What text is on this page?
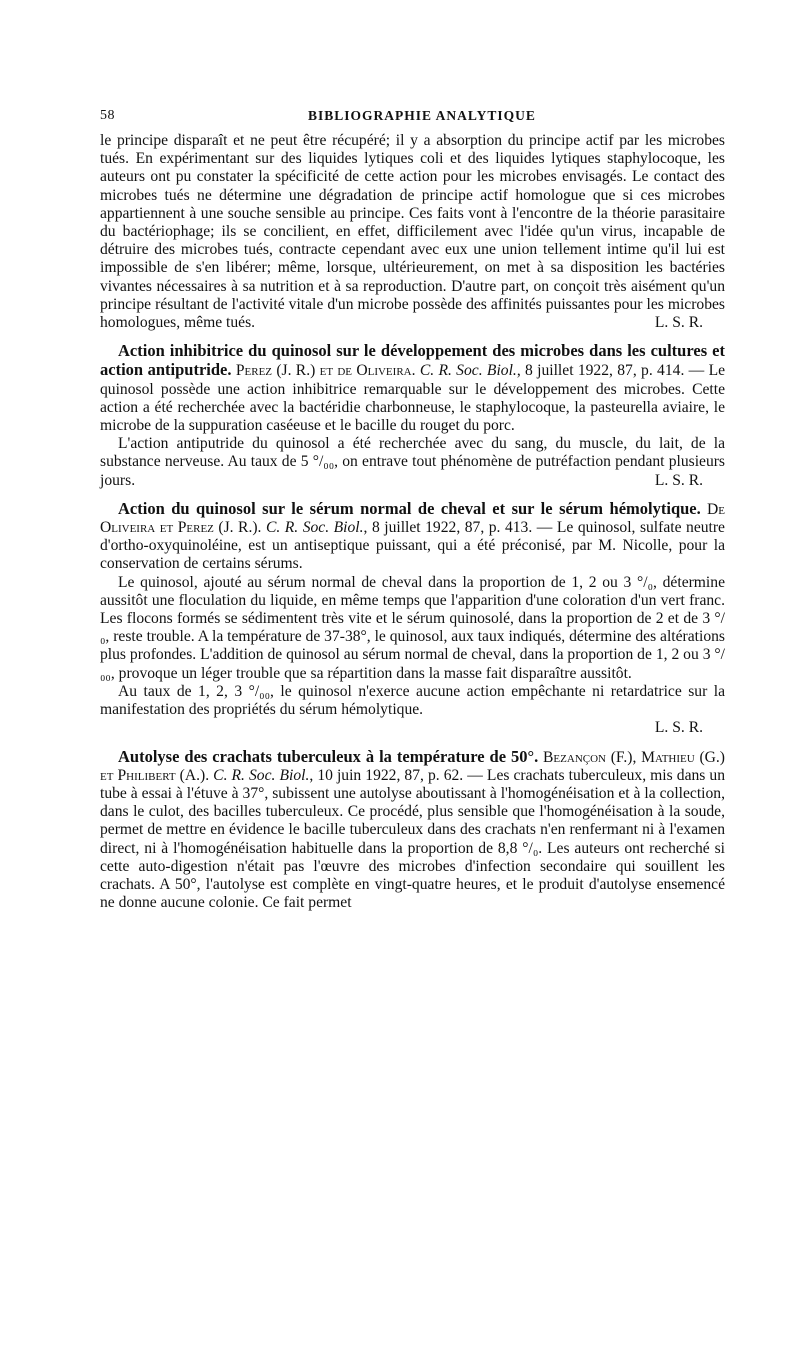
58	BIBLIOGRAPHIE ANALYTIQUE

le principe disparaît et ne peut être récupéré; il y a absorption du principe actif par les microbes tués. En expérimentant sur des liquides lytiques coli et des liquides lytiques staphylocoque, les auteurs ont pu constater la spécificité de cette action pour les microbes envisagés. Le contact des microbes tués ne détermine une dégradation de principe actif homologue que si ces microbes appartiennent à une souche sensible au principe. Ces faits vont à l'encontre de la théorie parasitaire du bactériophage; ils se concilient, en effet, difficilement avec l'idée qu'un virus, incapable de détruire des microbes tués, contracte cependant avec eux une union tellement intime qu'il lui est impossible de s'en libérer; même, lorsque, ultérieurement, on met à sa disposition les bactéries vivantes nécessaires à sa nutrition et à sa reproduction. D'autre part, on conçoit très aisément qu'un principe résultant de l'activité vitale d'un microbe possède des affinités puissantes pour les microbes homologues, même tués.	L. S. R.

Action inhibitrice du quinosol sur le développement des microbes dans les cultures et action antiputride. Perez (J. R.) et de Oliveira. C. R. Soc. Biol., 8 juillet 1922, 87, p. 414. — Le quinosol possède une action inhibitrice remarquable sur le développement des microbes. Cette action a été recherchée avec la bactéridie charbonneuse, le staphylocoque, la pasteurella aviaire, le microbe de la suppuration caséeuse et le bacille du rouget du porc.

L'action antiputride du quinosol a été recherchée avec du sang, du muscle, du lait, de la substance nerveuse. Au taux de 5 °/₀₀, on entrave tout phénomène de putréfaction pendant plusieurs jours.	L. S. R.

Action du quinosol sur le sérum normal de cheval et sur le sérum hémolytique. De Oliveira et Perez (J. R.). C. R. Soc. Biol., 8 juillet 1922, 87, p. 413. — Le quinosol, sulfate neutre d'ortho-oxyquinoléine, est un antiseptique puissant, qui a été préconisé, par M. Nicolle, pour la conservation de certains sérums.

Le quinosol, ajouté au sérum normal de cheval dans la proportion de 1, 2 ou 3 °/₀, détermine aussitôt une floculation du liquide, en même temps que l'apparition d'une coloration d'un vert franc. Les flocons formés se sédimentent très vite et le sérum quinosolé, dans la proportion de 2 et de 3 °/₀, reste trouble. A la température de 37-38°, le quinosol, aux taux indiqués, détermine des altérations plus profondes. L'addition de quinosol au sérum normal de cheval, dans la proportion de 1, 2 ou 3 °/₀₀, provoque un léger trouble que sa répartition dans la masse fait disparaître aussitôt.

Au taux de 1, 2, 3 °/₀₀, le quinosol n'exerce aucune action empêchante ni retardatrice sur la manifestation des propriétés du sérum hémolytique.

L. S. R.

Autolyse des crachats tuberculeux à la température de 50°. Bezançon (F.), Mathieu (G.) et Philibert (A.). C. R. Soc. Biol., 10 juin 1922, 87, p. 62. — Les crachats tuberculeux, mis dans un tube à essai à l'étuve à 37°, subissent une autolyse aboutissant à l'homogénéisation et à la collection, dans le culot, des bacilles tuberculeux. Ce procédé, plus sensible que l'homogénéisation à la soude, permet de mettre en évidence le bacille tuberculeux dans des crachats n'en renfermant ni à l'examen direct, ni à l'homogénéisation habituelle dans la proportion de 8,8 °/₀. Les auteurs ont recherché si cette auto-digestion n'était pas l'œuvre des microbes d'infection secondaire qui souillent les crachats. A 50°, l'autolyse est complète en vingt-quatre heures, et le produit d'autolyse ensemencé ne donne aucune colonie. Ce fait permet
